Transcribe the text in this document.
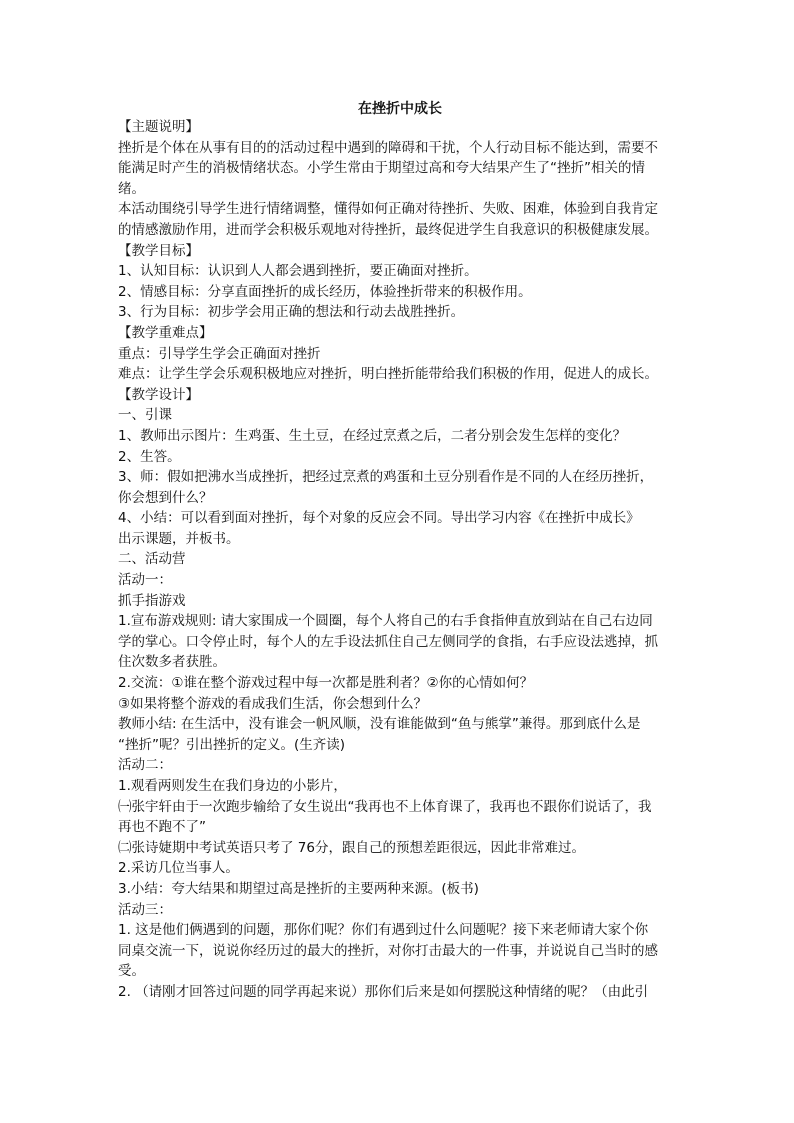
在挫折中成长

【主题说明】

挫折是个体在从事有目的的活动过程中遇到的障碍和干扰，个人行动目标不能达到，需要不

能满足时产生的消极情绪状态。小学生常由于期望过高和夸大结果产生了“挫折”相关的情

绪。

本活动围绕引导学生进行情绪调整，懂得如何正确对待挫折、失败、困难，体验到自我肯定

的情感激励作用，进而学会积极乐观地对待挫折，最终促进学生自我意识的积极健康发展。

【教学目标】

1、认知目标：认识到人人都会遇到挫折，要正确面对挫折。

2、情感目标：分享直面挫折的成长经历，体验挫折带来的积极作用。

3、行为目标：初步学会用正确的想法和行动去战胜挫折。

【教学重难点】

重点：引导学生学会正确面对挫折

难点：让学生学会乐观积极地应对挫折，明白挫折能带给我们积极的作用，促进人的成长。

【教学设计】

一、引课

1、教师出示图片：生鸡蛋、生土豆，在经过烹煮之后，二者分别会发生怎样的变化？

2、生答。

3、师：假如把沸水当成挫折，把经过烹煮的鸡蛋和土豆分别看作是不同的人在经历挫折，

你会想到什么？

4、小结：可以看到面对挫折，每个对象的反应会不同。导出学习内容《在挫折中成长》

出示课题，并板书。

二、活动营

活动一：

抓手指游戏

1.宣布游戏规则: 请大家围成一个圆圈，每个人将自己的右手食指伸直放到站在自己右边同

学的掌心。口令停止时，每个人的左手设法抓住自己左侧同学的食指，右手应设法逃掉，抓

住次数多者获胜。

2.交流：①谁在整个游戏过程中每一次都是胜利者？②你的心情如何？

③如果将整个游戏的看成我们生活，你会想到什么？

教师小结: 在生活中，没有谁会一帆风顺，没有谁能做到“鱼与熊掌”兼得。那到底什么是

“挫折”呢？引出挫折的定义。(生齐读)

活动二：

1.观看两则发生在我们身边的小影片，

㈠张宇轩由于一次跑步输给了女生说出“我再也不上体育课了，我再也不跟你们说话了，我

再也不跑不了”

㈡张诗婕期中考试英语只考了 76分，跟自己的预想差距很远，因此非常难过。

2.采访几位当事人。

3.小结：夸大结果和期望过高是挫折的主要两种来源。(板书)

活动三：

1. 这是他们俩遇到的问题，那你们呢？你们有遇到过什么问题呢？接下来老师请大家个你

同桌交流一下，说说你经历过的最大的挫折，对你打击最大的一件事，并说说自己当时的感

受。

2. （请刚才回答过问题的同学再起来说）那你们后来是如何摆脱这种情绪的呢？（由此引
